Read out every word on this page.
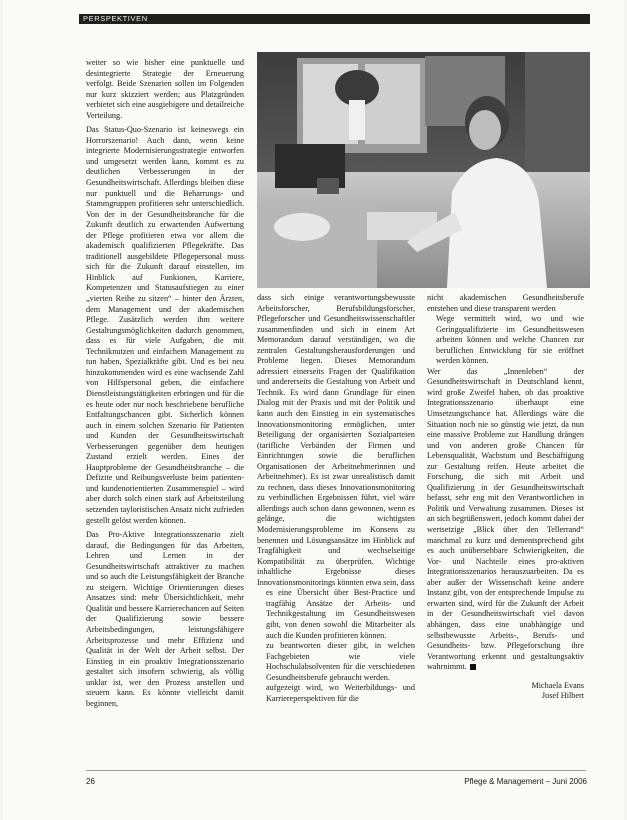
PERSPEKTIVEN

weiter so wie bisher eine punktuelle und desintegrierte Strategie der Erneuerung verfolgt. Beide Szenarien sollen im Folgenden nur kurz skizziert werden; aus Platzgründen verbietet sich eine ausgiebigere und detailreiche Verteilung.

Das Status-Quo-Szenario ist keineswegs ein Horrorszenario! Auch dann, wenn keine integrierte Modernisierungsstrategie entworfen und umgesetzt werden kann, kommt es zu deutlichen Verbesserungen in der Gesundheitswirtschaft. Allerdings bleiben diese nur punktuell und die Beharrungs- und Stammgruppen profitieren sehr unterschiedlich. Von der in der Gesundheitsbranche für die Zukunft deutlich zu erwartenden Aufwertung der Pflege profitieren etwa vor allem die akademisch qualifizierten Pflegekräfte. Das traditionell ausgebildete Pflegepersonal muss sich für die Zukunft darauf einstellen, im Hinblick auf Funkionen, Karriere, Kompetenzen und Statusaufstiegen zu einer „vierten Reihe zu sitzen“ – hinter den Ärzten, dem Management und der akademischen Pflege. Zusätzlich werden ihm weitere Gestaltungsmöglichkeiten dadurch genommen, dass es für viele Aufgaben, die mit Techniknutzen und einfachem Management zu tun haben, Spezialkräfte gibt. Und es bei neu hinzukommenden wird es eine wachsende Zahl von Hilfspersonal geben, die einfachere Dienstleistungstätigkeiten erbringen und für die es heute oder nur noch beschriebene berufliche Entfaltungschancen gibt. Sicherlich können auch in einem solchen Szenario für Patienten und Kunden der Gesundheitswirtschaft Verbesserungen gegenüber dem heutigen Zustand erzielt werden. Eines der Hauptprobleme der Gesundheitsbranche – die Defizite und Reibungsverluste beim patienten- und kundenorientierten Zusammenspiel – wird aber durch solch einen stark auf Arbeitsteilung setzenden tayloristischen Ansatz nicht zufrieden gestellt gelöst werden können.

Das Pro-Aktive Integrationsszenario zielt darauf, die Bedingungen für das Arbeiten, Lehren und Lernen in der Gesundheitswirtschaft attraktiver zu machen und so auch die Leistungsfähigkeit der Branche zu steigern. Wichtige Orientierungen dieses Ansatzes sind: mehr Übersichtlichkeit, mehr Qualität und bessere Karrierechancen auf Seiten der Qualifizierung sowie bessere Arbeitsbedingungen, leistungsfähigere Arbeitsprozesse und mehr Effizienz und Qualität in der Welt der Arbeit selbst. Der Einstieg in ein proaktiv Integrationsszenario gestaltet sich insofern schwierig, als völlig unklar ist, wer den Prozess anstellen und steuern kann. Es könnte vielleicht damit beginnen,

dass sich einige verantwortungsbewusste Arbeitsforscher, Berufsbildungsforscher, Pflegeforscher und Gesundheitswissenschaftler zusammenfinden und sich in einem Art Memorandum darauf verständigen, wo die zentralen Gestaltungsherausforderungen und Probleme liegen. Dieses Memorandum adressiert einerseits Fragen der Qualifikation und andererseits die Gestaltung von Arbeit und Technik. Es wird dann Grundlage für einen Dialog mit der Praxis und mit der Politik und kann auch den Einstieg in ein systematisches Innovationsmonitoring ermöglichen, unter Beteiligung der organisierten Sozialparteien (tarifliche Verbänden der Firmen und Einrichtungen sowie die beruflichen Organisationen der Arbeitnehmerinnen und Arbeitnehmer). Es ist zwar unrealistisch damit zu rechnen, dass dieses Innovationsmonitoring zu verbindlichen Ergebnissen führt, viel wäre allerdings auch schon dann gewonnen, wenn es gelänge, die wichtigsten Modernisierungsprobleme im Konsens zu benennen und Lösungsansätze im Hinblick auf Tragfähigkeit und wechselseitige Kompatibilität zu überprüfen. Wichtige inhaltliche Ergebnisse dieses Innovationsmonitorings könnten etwa sein, dass

• es eine Übersicht über Best-Practice und tragfähig Ansätze der Arbeits- und Technikgestaltung im Gesundheitswesen gibt, von denen sowohl die Mitarbeiter als auch die Kunden profitieren können.
• zu beantworten dieser gibt, in welchen Fachgebieten wie viele Hochschulabsolventen für die verschiedenen Gesundheitsberufe gebraucht werden.
• aufgezeigt wird, wo Weiterbildungs- und Karriereperspektiven für die

nicht akademischen Gesundheitsberufe entstehen und diese transparent werden

• Wege vermittelt wird, wo und wie Geringqualifizierte im Gesundheitswesen arbeiten können und welche Chancen zur beruflichen Entwicklung für sie eröffnet werden können.

Wer das „Innenleben“ der Gesundheitswirtschaft in Deutschland kennt, wird große Zweifel haben, ob das proaktive Integrationsszenario überhaupt eine Umsetzungschance hat. Allerdings wäre die Situation noch nie so günstig wie jetzt, da nun eine massive Probleme zur Handlung drängen und von anderen große Chancen für Lebensqualität, Wachstum und Beschäftigung zur Gestaltung reifen. Heute arbeitet die Forschung, die sich mit Arbeit und Qualifizierung in der Gesundheitswirtschaft befasst, sehr eng mit den Verantwortlichen in Politik und Verwaltung zusammen. Dieses ist an sich begrüßenswert, jedoch kommt dabei der wertsetzige „Blick über den Tellerrand“ manchmal zu kurz und dementsprechend gibt es auch unübersehbare Schwierigkeiten, die Vor- und Nachteile eines pro-aktiven Integrationsszenarios herauszuarbeiten. Da es aber außer der Wissenschaft keine andere Instanz gibt, von der entsprechende Impulse zu erwarten sind, wird für die Zukunft der Arbeit in der Gesundheitswirtschaft viel davon abhängen, dass eine unabhängige und selbstbewusste Arbeits-, Berufs- und Gesundheits- bzw. Pflegeforschung ihre Verantwortung erkennt und gestaltungsaktiv wahrnimmt.

Michaela Evans
Josef Hilbert
26	Pflege & Management – Juni 2006
